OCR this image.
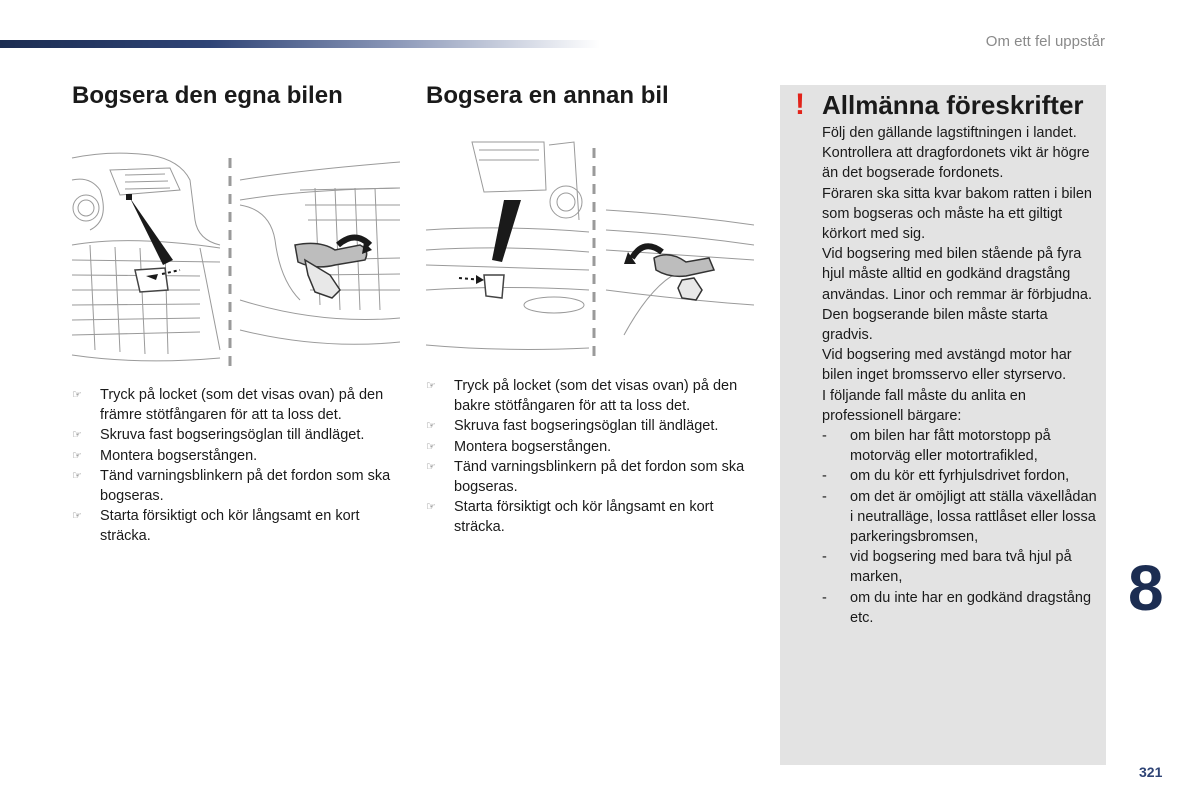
Om ett fel uppstår
Bogsera den egna bilen	Bogsera en annan bil
☞ Tryck på locket (som det visas ovan) på den främre stötfångaren för att ta loss det.
☞ Skruva fast bogseringsöglan till ändläget.
☞ Montera bogserstången.
☞ Tänd varningsblinkern på det fordon som ska bogseras.
☞ Starta försiktigt och kör långsamt en kort sträcka.
☞ Tryck på locket (som det visas ovan) på den bakre stötfångaren för att ta loss det.
☞ Skruva fast bogseringsöglan till ändläget.
☞ Montera bogserstången.
☞ Tänd varningsblinkern på det fordon som ska bogseras.
☞ Starta försiktigt och kör långsamt en kort sträcka.
! Allmänna föreskrifter

Följ den gällande lagstiftningen i landet.

Kontrollera att dragfordonets vikt är högre än det bogserade fordonets.

Föraren ska sitta kvar bakom ratten i bilen som bogseras och måste ha ett giltigt körkort med sig.

Vid bogsering med bilen stående på fyra hjul måste alltid en godkänd dragstång användas. Linor och remmar är förbjudna.

Den bogserande bilen måste starta gradvis.

Vid bogsering med avstängd motor har bilen inget bromsservo eller styrservo.

I följande fall måste du anlita en professionell bärgare:

- om bilen har fått motorstopp på motorväg eller motortrafikled,
- om du kör ett fyrhjulsdrivet fordon,
- om det är omöjligt att ställa växellådan i neutralläge, lossa rattlåset eller lossa parkeringsbromsen,
- vid bogsering med bara två hjul på marken,
- om du inte har en godkänd dragstång etc.	8
321
